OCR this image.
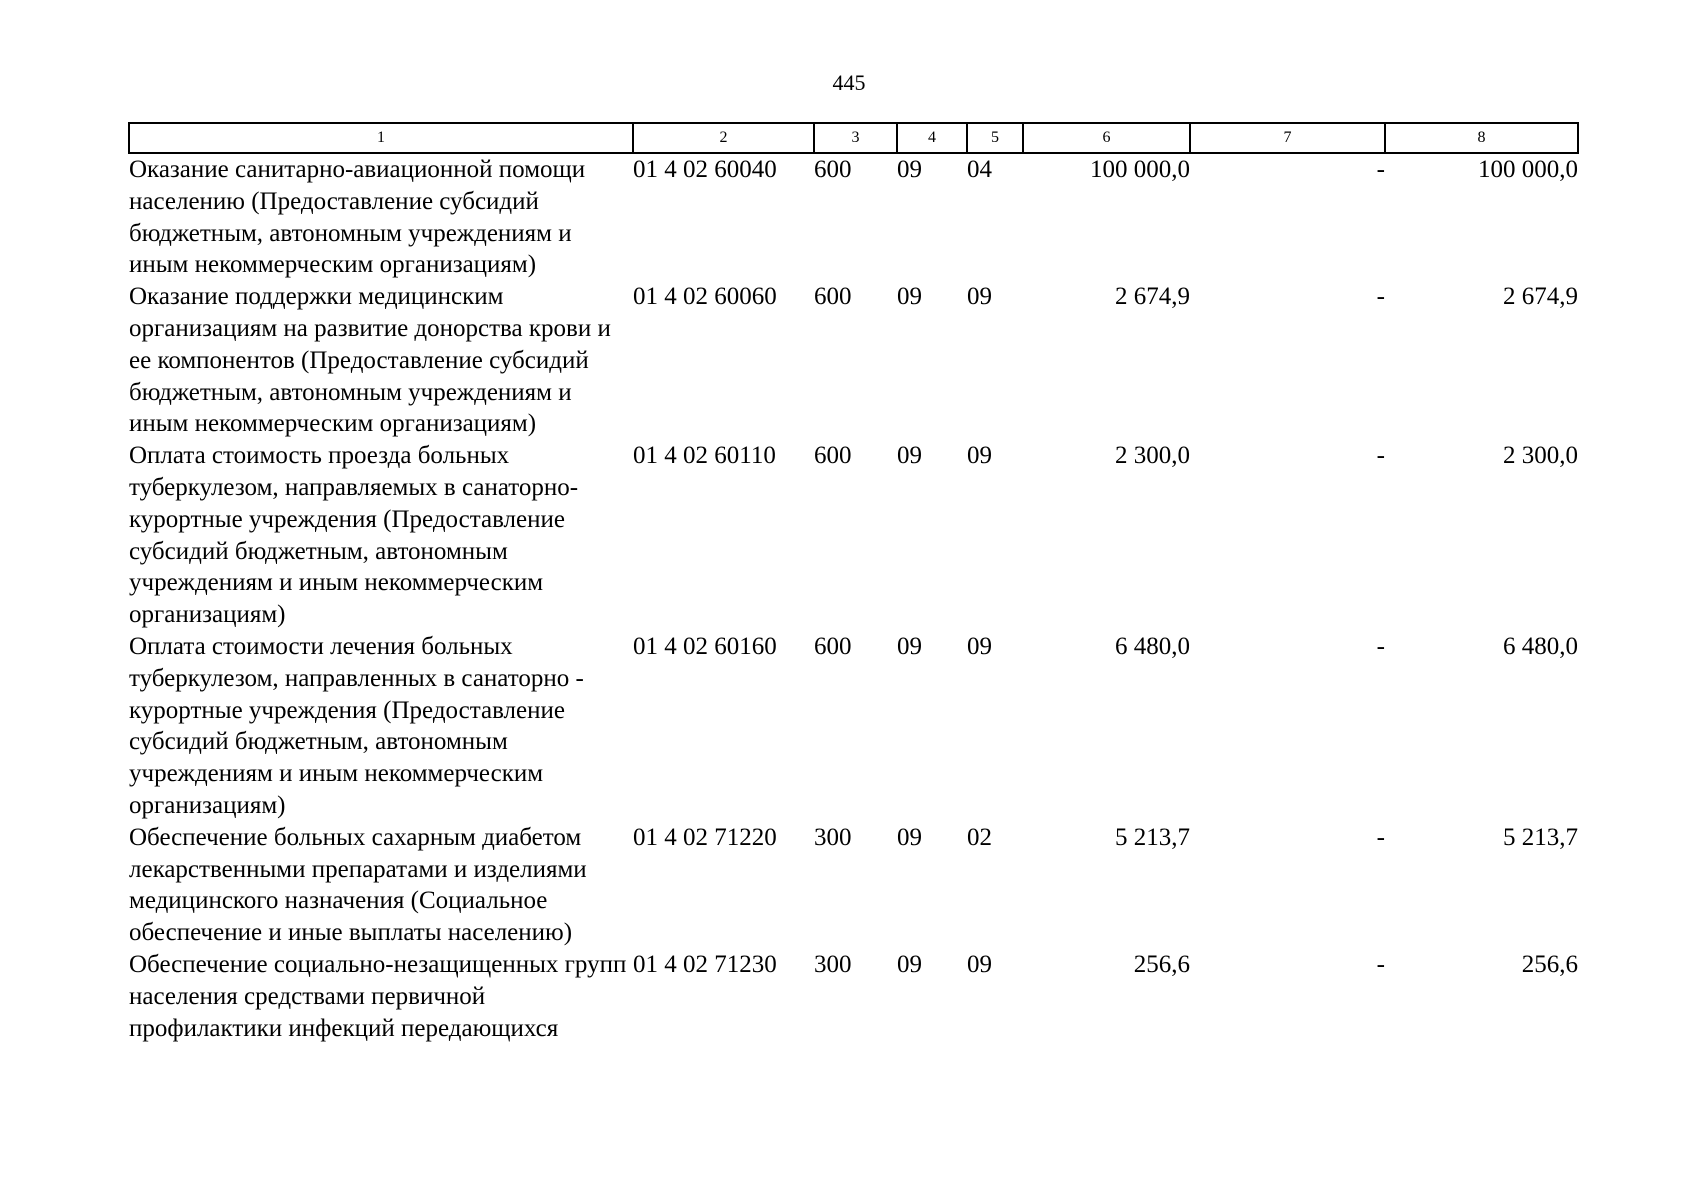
445
1	2	3	4	5	6	7	8
Оказание санитарно-авиационной помощи населению (Предоставление субсидий бюджетным, автономным учреждениям и иным некоммерческим организациям)	01 4 02 60040	600	09	04	100 000,0	-	100 000,0
Оказание поддержки медицинским организациям на развитие донорства крови и ее компонентов (Предоставление субсидий бюджетным, автономным учреждениям и иным некоммерческим организациям)	01 4 02 60060	600	09	09	2 674,9	-	2 674,9
Оплата стоимость проезда больных туберкулезом, направляемых в санаторно-курортные учреждения (Предоставление субсидий бюджетным, автономным учреждениям и иным некоммерческим организациям)	01 4 02 60110	600	09	09	2 300,0	-	2 300,0
Оплата стоимости лечения больных туберкулезом, направленных в санаторно - курортные учреждения (Предоставление субсидий бюджетным, автономным учреждениям и иным некоммерческим организациям)	01 4 02 60160	600	09	09	6 480,0	-	6 480,0
Обеспечение больных сахарным диабетом лекарственными препаратами и изделиями медицинского назначения (Социальное обеспечение и иные выплаты населению)	01 4 02 71220	300	09	02	5 213,7	-	5 213,7
Обеспечение социально-незащищенных групп населения средствами первичной профилактики инфекций передающихся	01 4 02 71230	300	09	09	256,6	-	256,6
